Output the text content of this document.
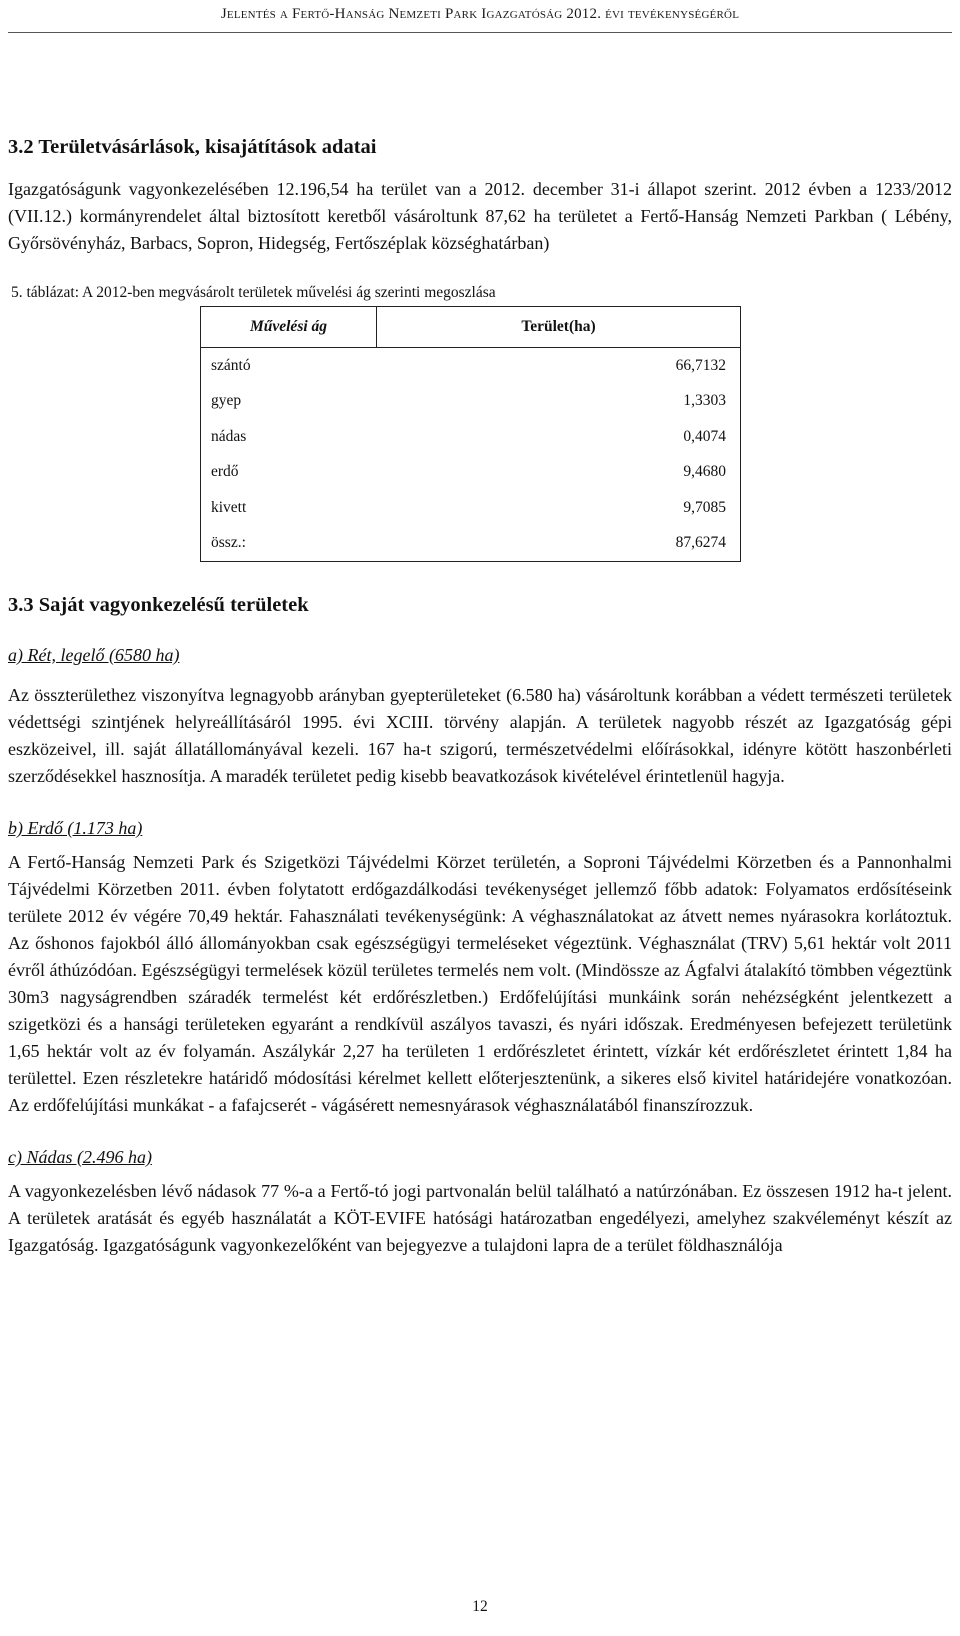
Jelentés a Fertő-Hanság Nemzeti Park Igazgatóság 2012. évi tevékenységéről
3.2 Területvásárlások, kisajátítások adatai

Igazgatóságunk vagyonkezelésében 12.196,54 ha terület van a 2012. december 31-i állapot szerint. 2012 évben a 1233/2012 (VII.12.) kormányrendelet által biztosított keretből vásároltunk 87,62 ha területet a Fertő-Hanság Nemzeti Parkban ( Lébény, Győrsövényház, Barbacs, Sopron, Hidegség, Fertőszéplak községhatárban)

5. táblázat: A 2012-ben megvásárolt területek művelési ág szerinti megoszlása

Művelési ág	Terület(ha)
szántó	66,7132
gyep	1,3303
nádas	0,4074
erdő	9,4680
kivett	9,7085
össz.:	87,6274
3.3 Saját vagyonkezelésű területek
a) Rét, legelő (6580 ha)

Az összterülethez viszonyítva legnagyobb arányban gyepterületeket (6.580 ha) vásároltunk korábban a védett természeti területek védettségi szintjének helyreállításáról 1995. évi XCIII. törvény alapján. A területek nagyobb részét az Igazgatóság gépi eszközeivel, ill. saját állatállományával kezeli. 167 ha-t szigorú, természetvédelmi előírásokkal, idényre kötött haszonbérleti szerződésekkel hasznosítja. A maradék területet pedig kisebb beavatkozások kivételével érintetlenül hagyja.

b) Erdő (1.173 ha)

A Fertő-Hanság Nemzeti Park és Szigetközi Tájvédelmi Körzet területén, a Soproni Tájvédelmi Körzetben és a Pannonhalmi Tájvédelmi Körzetben 2011. évben folytatott erdőgazdálkodási tevékenységet jellemző főbb adatok: Folyamatos erdősítéseink területe 2012 év végére 70,49 hektár. Fahasználati tevékenységünk: A véghasználatokat az átvett nemes nyárasokra korlátoztuk. Az őshonos fajokból álló állományokban csak egészségügyi termeléseket végeztünk. Véghasználat (TRV) 5,61 hektár volt 2011 évről áthúzódóan. Egészségügyi termelések közül területes termelés nem volt. (Mindössze az Ágfalvi átalakító tömbben végeztünk 30m3 nagyságrendben száradék termelést két erdőrészletben.) Erdőfelújítási munkáink során nehézségként jelentkezett a szigetközi és a hansági területeken egyaránt a rendkívül aszályos tavaszi, és nyári időszak. Eredményesen befejezett területünk 1,65 hektár volt az év folyamán. Aszálykár 2,27 ha területen 1 erdőrészletet érintett, vízkár két erdőrészletet érintett 1,84 ha területtel. Ezen részletekre határidő módosítási kérelmet kellett előterjesztenünk, a sikeres első kivitel határidejére vonatkozóan. Az erdőfelújítási munkákat - a fafajcserét - vágásérett nemesnyárasok véghasználatából finanszírozzuk.

c) Nádas (2.496 ha)

A vagyonkezelésben lévő nádasok 77 %-a a Fertő-tó jogi partvonalán belül található a natúrzónában. Ez összesen 1912 ha-t jelent. A területek aratását és egyéb használatát a KÖT-EVIFE hatósági határozatban engedélyezi, amelyhez szakvéleményt készít az Igazgatóság. Igazgatóságunk vagyonkezelőként van bejegyezve a tulajdoni lapra de a terület földhasználója

12
